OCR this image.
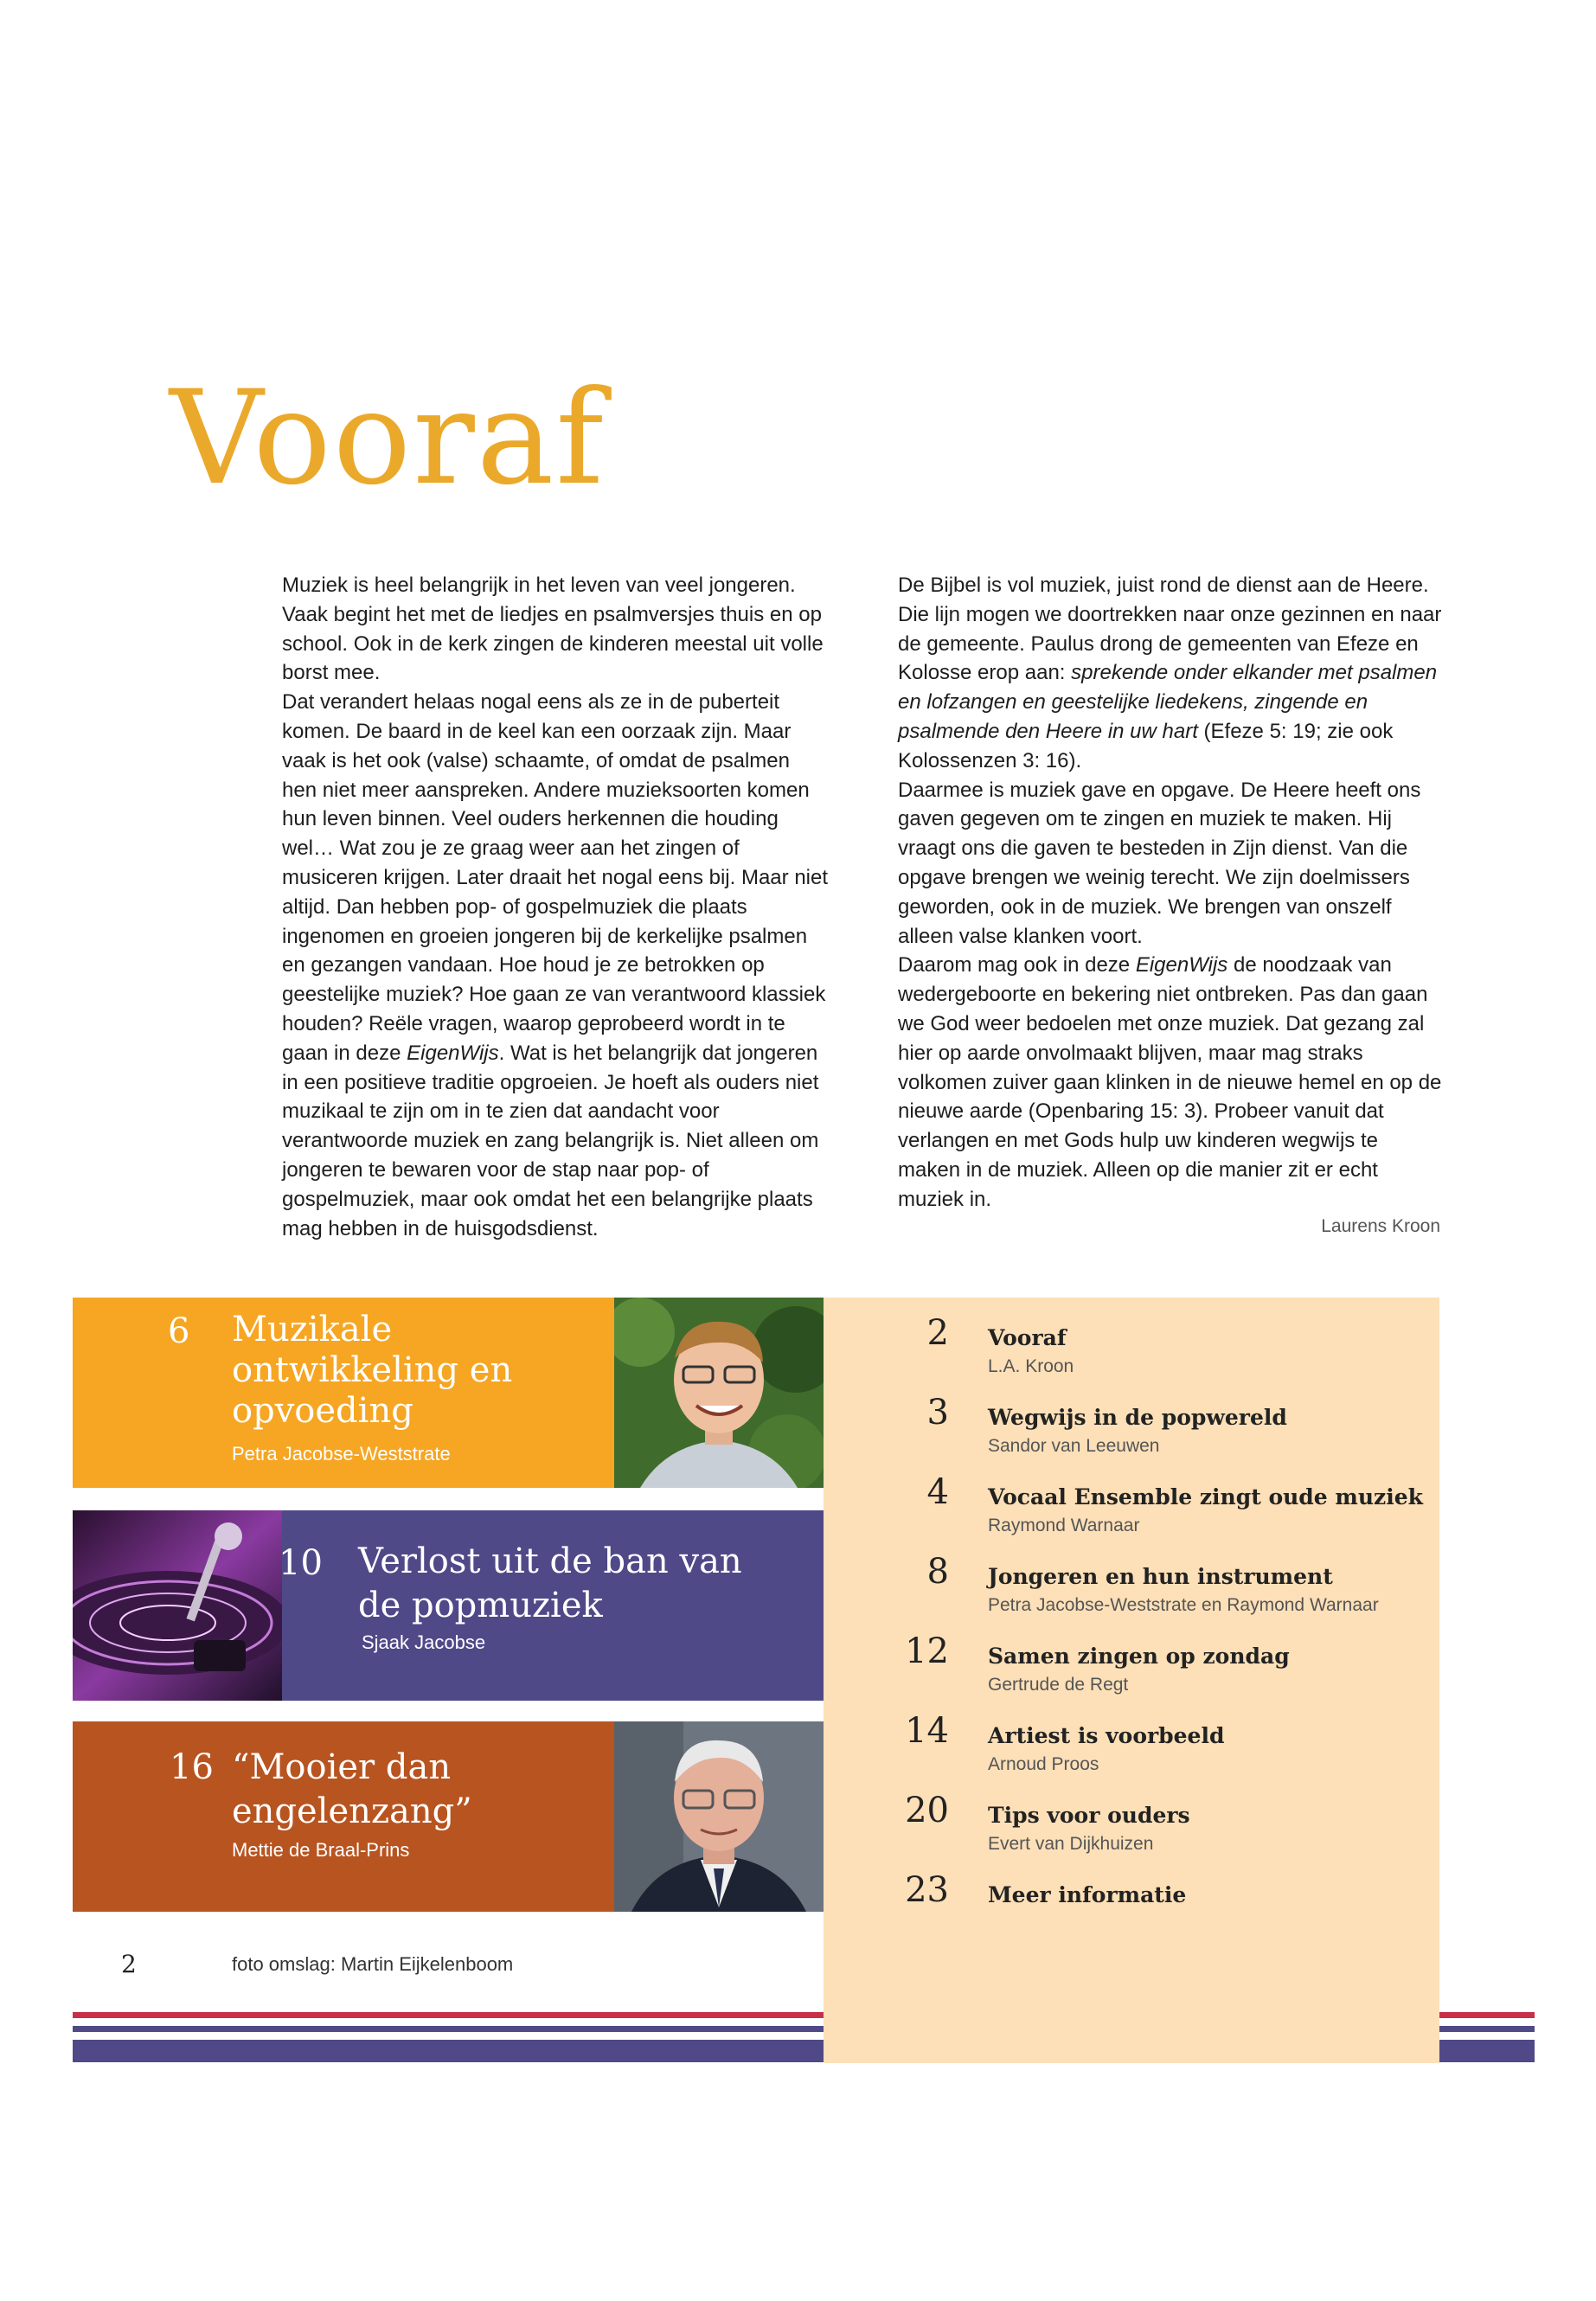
Vooraf

Muziek is heel belangrijk in het leven van veel jongeren. Vaak begint het met de liedjes en psalmversjes thuis en op school. Ook in de kerk zingen de kinderen meestal uit volle borst mee.

Dat verandert helaas nogal eens als ze in de puberteit komen. De baard in de keel kan een oorzaak zijn. Maar vaak is het ook (valse) schaamte, of omdat de psalmen hen niet meer aanspreken. Andere muzieksoorten komen hun leven binnen. Veel ouders herkennen die houding wel… Wat zou je ze graag weer aan het zingen of musiceren krijgen. Later draait het nogal eens bij. Maar niet altijd. Dan hebben pop- of gospelmuziek die plaats ingenomen en groeien jongeren bij de kerkelijke psalmen en gezangen vandaan. Hoe houd je ze betrokken op geestelijke muziek? Hoe gaan ze van verantwoord klassiek houden? Reële vragen, waarop geprobeerd wordt in te gaan in deze EigenWijs. Wat is het belangrijk dat jongeren in een positieve traditie opgroeien. Je hoeft als ouders niet muzikaal te zijn om in te zien dat aandacht voor verantwoorde muziek en zang belangrijk is. Niet alleen om jongeren te bewaren voor de stap naar pop- of gospelmuziek, maar ook omdat het een belangrijke plaats mag hebben in de huisgodsdienst.

De Bijbel is vol muziek, juist rond de dienst aan de Heere. Die lijn mogen we doortrekken naar onze gezinnen en naar de gemeente. Paulus drong de gemeenten van Efeze en Kolosse erop aan: sprekende onder elkander met psalmen en lofzangen en geestelijke liedekens, zingende en psalmende den Heere in uw hart (Efeze 5: 19; zie ook Kolossenzen 3: 16).

Daarmee is muziek gave en opgave. De Heere heeft ons gaven gegeven om te zingen en muziek te maken. Hij vraagt ons die gaven te besteden in Zijn dienst. Van die opgave brengen we weinig terecht. We zijn doelmissers geworden, ook in de muziek. We brengen van onszelf alleen valse klanken voort.

Daarom mag ook in deze EigenWijs de noodzaak van wedergeboorte en bekering niet ontbreken. Pas dan gaan we God weer bedoelen met onze muziek. Dat gezang zal hier op aarde onvolmaakt blijven, maar mag straks volkomen zuiver gaan klinken in de nieuwe hemel en op de nieuwe aarde (Openbaring 15: 3). Probeer vanuit dat verlangen en met Gods hulp uw kinderen wegwijs te maken in de muziek. Alleen op die manier zit er echt muziek in.

Laurens Kroon
6 Muzikale ontwikkeling en opvoeding
Petra Jacobse-Weststrate
10 Verlost uit de ban van de popmuziek
Sjaak Jacobse
16 “Mooier dan engelenzang”
Mettie de Braal-Prins
2 Vooraf
L.A. Kroon
3 Wegwijs in de popwereld
Sandor van Leeuwen
4 Vocaal Ensemble zingt oude muziek
Raymond Warnaar
8 Jongeren en hun instrument
Petra Jacobse-Weststrate en Raymond Warnaar
12 Samen zingen op zondag
Gertrude de Regt
14 Artiest is voorbeeld
Arnoud Proos
20 Tips voor ouders
Evert van Dijkhuizen
23 Meer informatie
2	foto omslag: Martin Eijkelenboom
